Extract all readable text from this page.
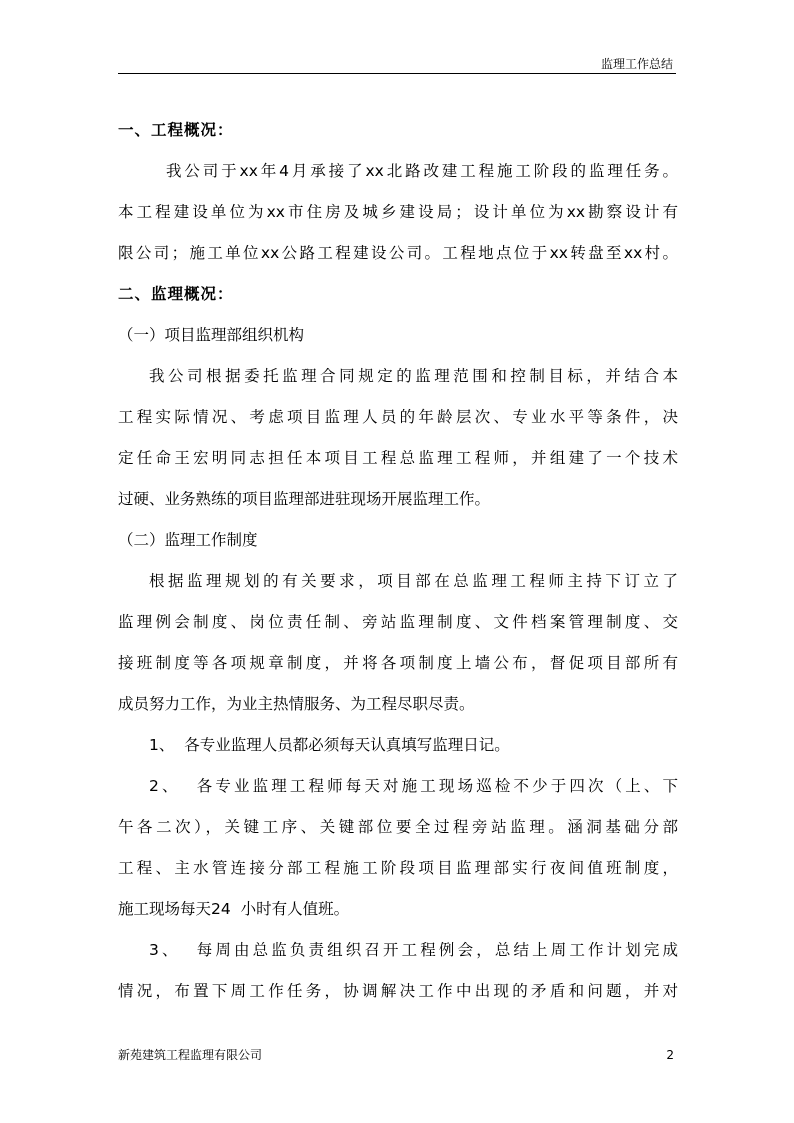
监理工作总结
一、工程概况：
我公司于xx年4月承接了xx北路改建工程施工阶段的监理任务。
本工程建设单位为xx市住房及城乡建设局；设计单位为xx勘察设计有
限公司；施工单位xx公路工程建设公司。工程地点位于xx转盘至xx村。
二、监理概况：
（一）项目监理部组织机构
我公司根据委托监理合同规定的监理范围和控制目标，并结合本
工程实际情况、考虑项目监理人员的年龄层次、专业水平等条件，决
定任命王宏明同志担任本项目工程总监理工程师，并组建了一个技术
过硬、业务熟练的项目监理部进驻现场开展监理工作。
（二）监理工作制度
根据监理规划的有关要求，项目部在总监理工程师主持下订立了
监理例会制度、岗位责任制、旁站监理制度、文件档案管理制度、交
接班制度等各项规章制度，并将各项制度上墙公布，督促项目部所有
成员努力工作，为业主热情服务、为工程尽职尽责。
1、  各专业监理人员都必须每天认真填写监理日记。
2、  各专业监理工程师每天对施工现场巡检不少于四次（上、下
午各二次），关键工序、关键部位要全过程旁站监理。涵洞基础分部
工程、主水管连接分部工程施工阶段项目监理部实行夜间值班制度，
施工现场每天24  小时有人值班。
3、  每周由总监负责组织召开工程例会，总结上周工作计划完成
情况，布置下周工作任务，协调解决工作中出现的矛盾和问题，并对
新苑建筑工程监理有限公司	2
